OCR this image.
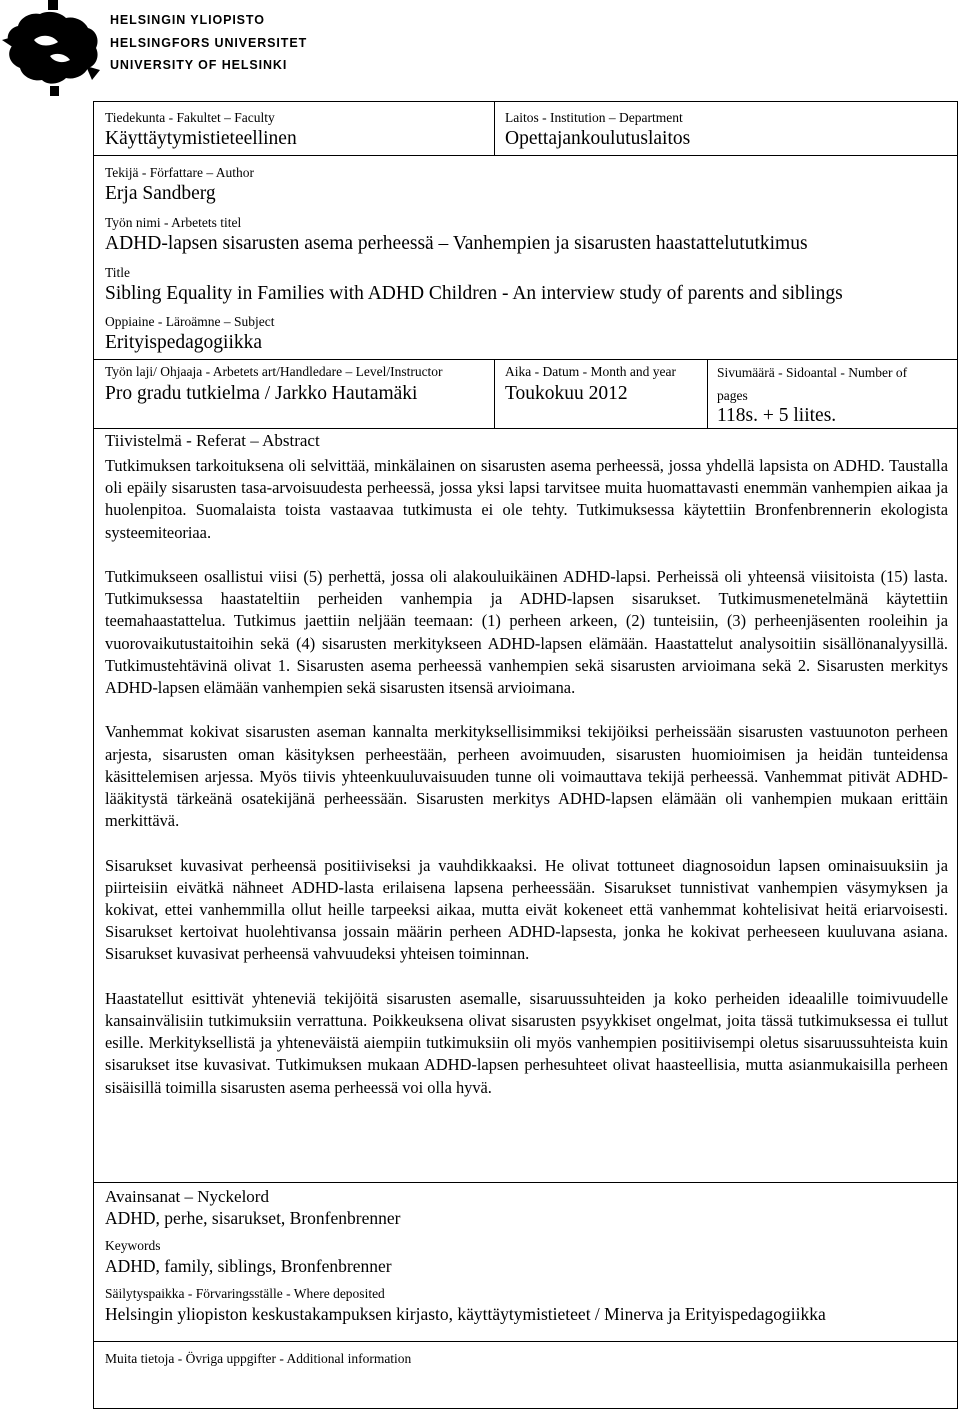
HELSINGIN YLIOPISTO
HELSINGFORS UNIVERSITET
UNIVERSITY OF HELSINKI
Tiedekunta - Fakultet – Faculty
Käyttäytymistieteellinen
Laitos - Institution – Department
Opettajankoulutuslaitos
Tekijä - Författare – Author
Erja Sandberg
Työn nimi - Arbetets titel
ADHD-lapsen sisarusten asema perheessä – Vanhempien ja sisarusten haastattelututkimus
Title
Sibling Equality in Families with ADHD Children - An interview study of parents and siblings
Oppiaine - Läroämne – Subject
Erityispedagogiikka
Työn laji/ Ohjaaja - Arbetets art/Handledare – Level/Instructor
Pro gradu tutkielma / Jarkko Hautamäki
Aika - Datum - Month and year
Toukokuu 2012
Sivumäärä - Sidoantal - Number of pages
118s. + 5 liites.
Tiivistelmä - Referat – Abstract

Tutkimuksen tarkoituksena oli selvittää, minkälainen on sisarusten asema perheessä, jossa yhdellä lapsista on ADHD. Taustalla oli epäily sisarusten tasa-arvoisuudesta perheessä, jossa yksi lapsi tarvitsee muita huomattavasti enemmän vanhempien aikaa ja huolenpitoa. Suomalaista toista vastaavaa tutkimusta ei ole tehty. Tutkimuksessa käytettiin Bronfenbrennerin ekologista systeemiteoriaa.

Tutkimukseen osallistui viisi (5) perhettä, jossa oli alakouluikäinen ADHD-lapsi. Perheissä oli yhteensä viisitoista (15) lasta. Tutkimuksessa haastateltiin perheiden vanhempia ja ADHD-lapsen sisarukset. Tutkimusmenetelmänä käytettiin teemahaastattelua. Tutkimus jaettiin neljään teemaan: (1) perheen arkeen, (2) tunteisiin, (3) perheenjäsenten rooleihin ja vuorovaikutustaitoihin sekä (4) sisarusten merkitykseen ADHD-lapsen elämään. Haastattelut analysoitiin sisällönanalyysillä. Tutkimustehtävinä olivat 1. Sisarusten asema perheessä vanhempien sekä sisarusten arvioimana sekä 2. Sisarusten merkitys ADHD-lapsen elämään vanhempien sekä sisarusten itsensä arvioimana.

Vanhemmat kokivat sisarusten aseman kannalta merkityksellisimmiksi tekijöiksi perheissään sisarusten vastuunoton perheen arjesta, sisarusten oman käsityksen perheestään, perheen avoimuuden, sisarusten huomioimisen ja heidän tunteidensa käsittelemisen arjessa. Myös tiivis yhteenkuuluvaisuuden tunne oli voimauttava tekijä perheessä. Vanhemmat pitivät ADHD-lääkitystä tärkeänä osatekijänä perheessään. Sisarusten merkitys ADHD-lapsen elämään oli vanhempien mukaan erittäin merkittävä.

Sisarukset kuvasivat perheensä positiiviseksi ja vauhdikkaaksi. He olivat tottuneet diagnosoidun lapsen ominaisuuksiin ja piirteisiin eivätkä nähneet ADHD-lasta erilaisena lapsena perheessään. Sisarukset tunnistivat vanhempien väsymyksen ja kokivat, ettei vanhemmilla ollut heille tarpeeksi aikaa, mutta eivät kokeneet että vanhemmat kohtelisivat heitä eriarvoisesti. Sisarukset kertoivat huolehtivansa jossain määrin perheen ADHD-lapsesta, jonka he kokivat perheeseen kuuluvana asiana. Sisarukset kuvasivat perheensä vahvuudeksi yhteisen toiminnan.

Haastatellut esittivät yhteneviä tekijöitä sisarusten asemalle, sisaruussuhteiden ja koko perheiden ideaalille toimivuudelle kansainvälisiin tutkimuksiin verrattuna. Poikkeuksena olivat sisarusten psyykkiset ongelmat, joita tässä tutkimuksessa ei tullut esille. Merkityksellistä ja yhteneväistä aiempiin tutkimuksiin oli myös vanhempien positiivisempi oletus sisaruussuhteista kuin sisarukset itse kuvasivat. Tutkimuksen mukaan ADHD-lapsen perhesuhteet olivat haasteellisia, mutta asianmukaisilla perheen sisäisillä toimilla sisarusten asema perheessä voi olla hyvä.

Avainsanat – Nyckelord
ADHD, perhe, sisarukset, Bronfenbrenner
Keywords
ADHD, family, siblings, Bronfenbrenner
Säilytyspaikka - Förvaringsställe - Where deposited
Helsingin yliopiston keskustakampuksen kirjasto, käyttäytymistieteet / Minerva ja Erityispedagogiikka
Muita tietoja - Övriga uppgifter - Additional information
